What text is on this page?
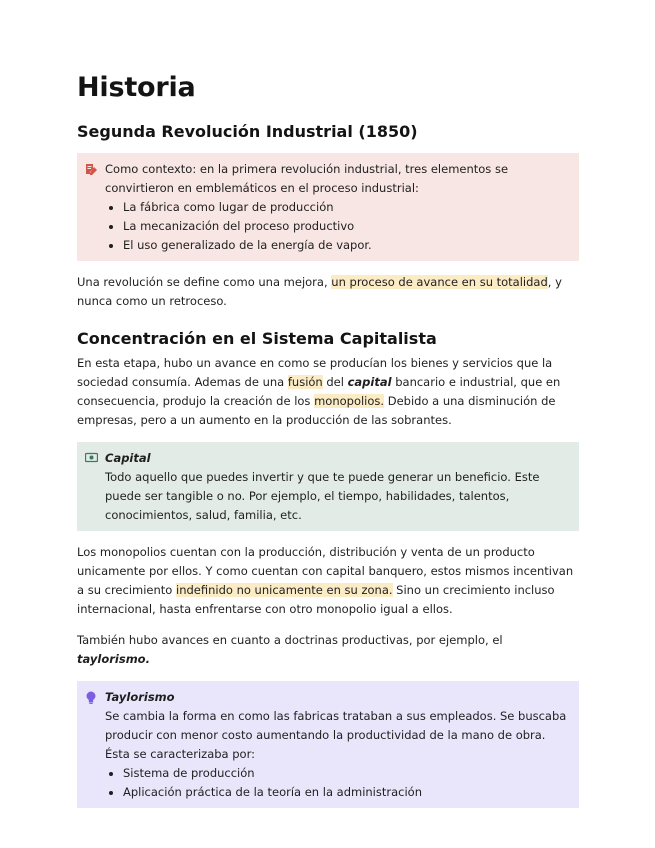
Historia
Segunda Revolución Industrial (1850)

Como contexto: en la primera revolución industrial, tres elementos se convirtieron en emblemáticos en el proceso industrial:

• La fábrica como lugar de producción
• La mecanización del proceso productivo
• El uso generalizado de la energía de vapor.

Una revolución se define como una mejora, un proceso de avance en su totalidad, y nunca como un retroceso.

Concentración en el Sistema Capitalista

En esta etapa, hubo un avance en como se producían los bienes y servicios que la sociedad consumía. Ademas de una fusión del capital bancario e industrial, que en consecuencia, produjo la creación de los monopolios. Debido a una disminución de empresas, pero a un aumento en la producción de las sobrantes.

Capital

Todo aquello que puedes invertir y que te puede generar un beneficio. Este puede ser tangible o no. Por ejemplo, el tiempo, habilidades, talentos, conocimientos, salud, familia, etc.

Los monopolios cuentan con la producción, distribución y venta de un producto unicamente por ellos. Y como cuentan con capital banquero, estos mismos incentivan a su crecimiento indefinido no unicamente en su zona. Sino un crecimiento incluso internacional, hasta enfrentarse con otro monopolio igual a ellos.

También hubo avances en cuanto a doctrinas productivas, por ejemplo, el taylorismo.

Taylorismo

Se cambia la forma en como las fabricas trataban a sus empleados. Se buscaba producir con menor costo aumentando la productividad de la mano de obra. Ésta se caracterizaba por:

• Sistema de producción
• Aplicación práctica de la teoría en la administración
